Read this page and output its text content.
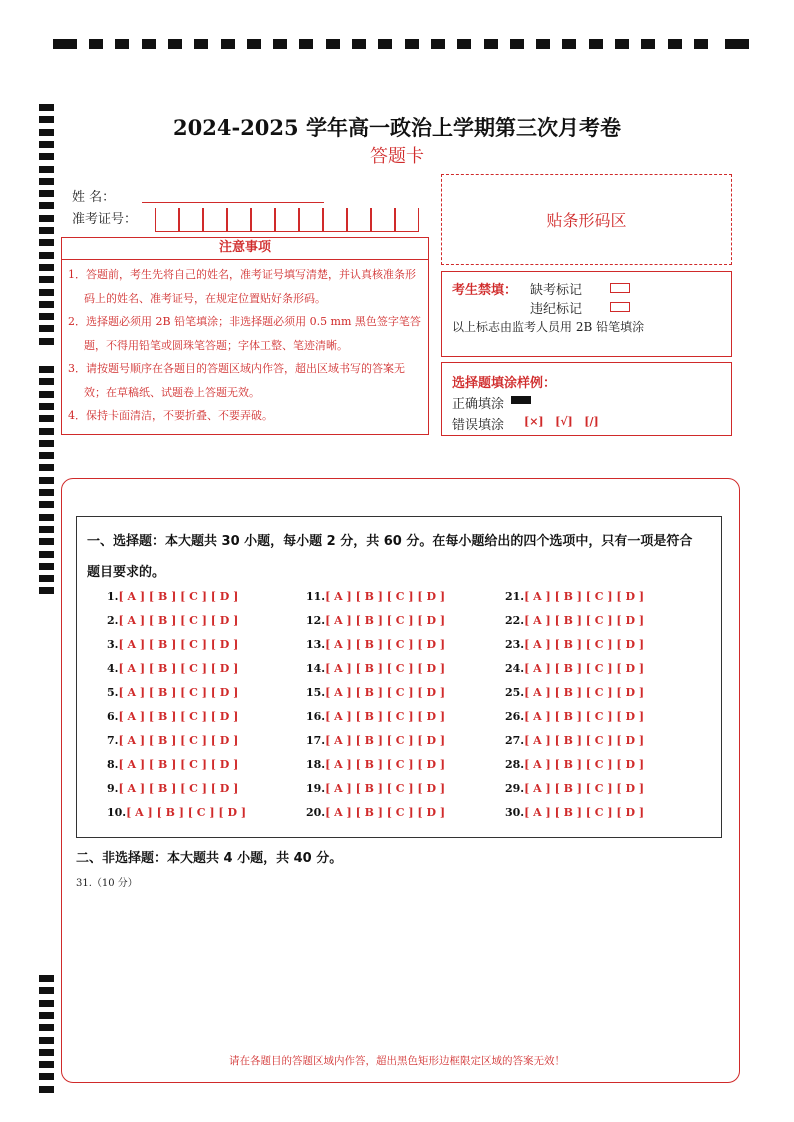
2024-2025 学年高一政治上学期第三次月考卷
答题卡
姓 名：
准考证号：	贴条形码区
注意事项
1．答题前，考生先将自己的姓名，准考证号填写清楚，并认真核准条形码上的姓名、准考证号，在规定位置贴好条形码。
2．选择题必须用 2B 铅笔填涂；非选择题必须用 0.5 mm 黑色签字笔答题，不得用铅笔或圆珠笔答题；字体工整、笔迹清晰。
3．请按题号顺序在各题目的答题区域内作答，超出区域书写的答案无效；在草稿纸、试题卷上答题无效。
4．保持卡面清洁，不要折叠、不要弄破。
考生禁填： 缺考标记
违纪标记
以上标志由监考人员用 2B 铅笔填涂
选择题填涂样例：
正确填涂
错误填涂 [×]   [√]   [/]
一、选择题：本大题共 30 小题，每小题 2 分，共 60 分。在每小题给出的四个选项中，只有一项是符合
题目要求的。
1.[ A ] [ B ] [ C ] [ D ]
2.[ A ] [ B ] [ C ] [ D ]
3.[ A ] [ B ] [ C ] [ D ]
4.[ A ] [ B ] [ C ] [ D ]
5.[ A ] [ B ] [ C ] [ D ]
6.[ A ] [ B ] [ C ] [ D ]
7.[ A ] [ B ] [ C ] [ D ]
8.[ A ] [ B ] [ C ] [ D ]
9.[ A ] [ B ] [ C ] [ D ]
10.[ A ] [ B ] [ C ] [ D ]
11.[ A ] [ B ] [ C ] [ D ]
12.[ A ] [ B ] [ C ] [ D ]
13.[ A ] [ B ] [ C ] [ D ]
14.[ A ] [ B ] [ C ] [ D ]
15.[ A ] [ B ] [ C ] [ D ]
16.[ A ] [ B ] [ C ] [ D ]
17.[ A ] [ B ] [ C ] [ D ]
18.[ A ] [ B ] [ C ] [ D ]
19.[ A ] [ B ] [ C ] [ D ]
20.[ A ] [ B ] [ C ] [ D ]
21.[ A ] [ B ] [ C ] [ D ]
22.[ A ] [ B ] [ C ] [ D ]
23.[ A ] [ B ] [ C ] [ D ]
24.[ A ] [ B ] [ C ] [ D ]
25.[ A ] [ B ] [ C ] [ D ]
26.[ A ] [ B ] [ C ] [ D ]
27.[ A ] [ B ] [ C ] [ D ]
28.[ A ] [ B ] [ C ] [ D ]
29.[ A ] [ B ] [ C ] [ D ]
30.[ A ] [ B ] [ C ] [ D ]
二、非选择题：本大题共 4 小题，共 40 分。
31.（10 分）
请在各题目的答题区域内作答，超出黑色矩形边框限定区域的答案无效！
